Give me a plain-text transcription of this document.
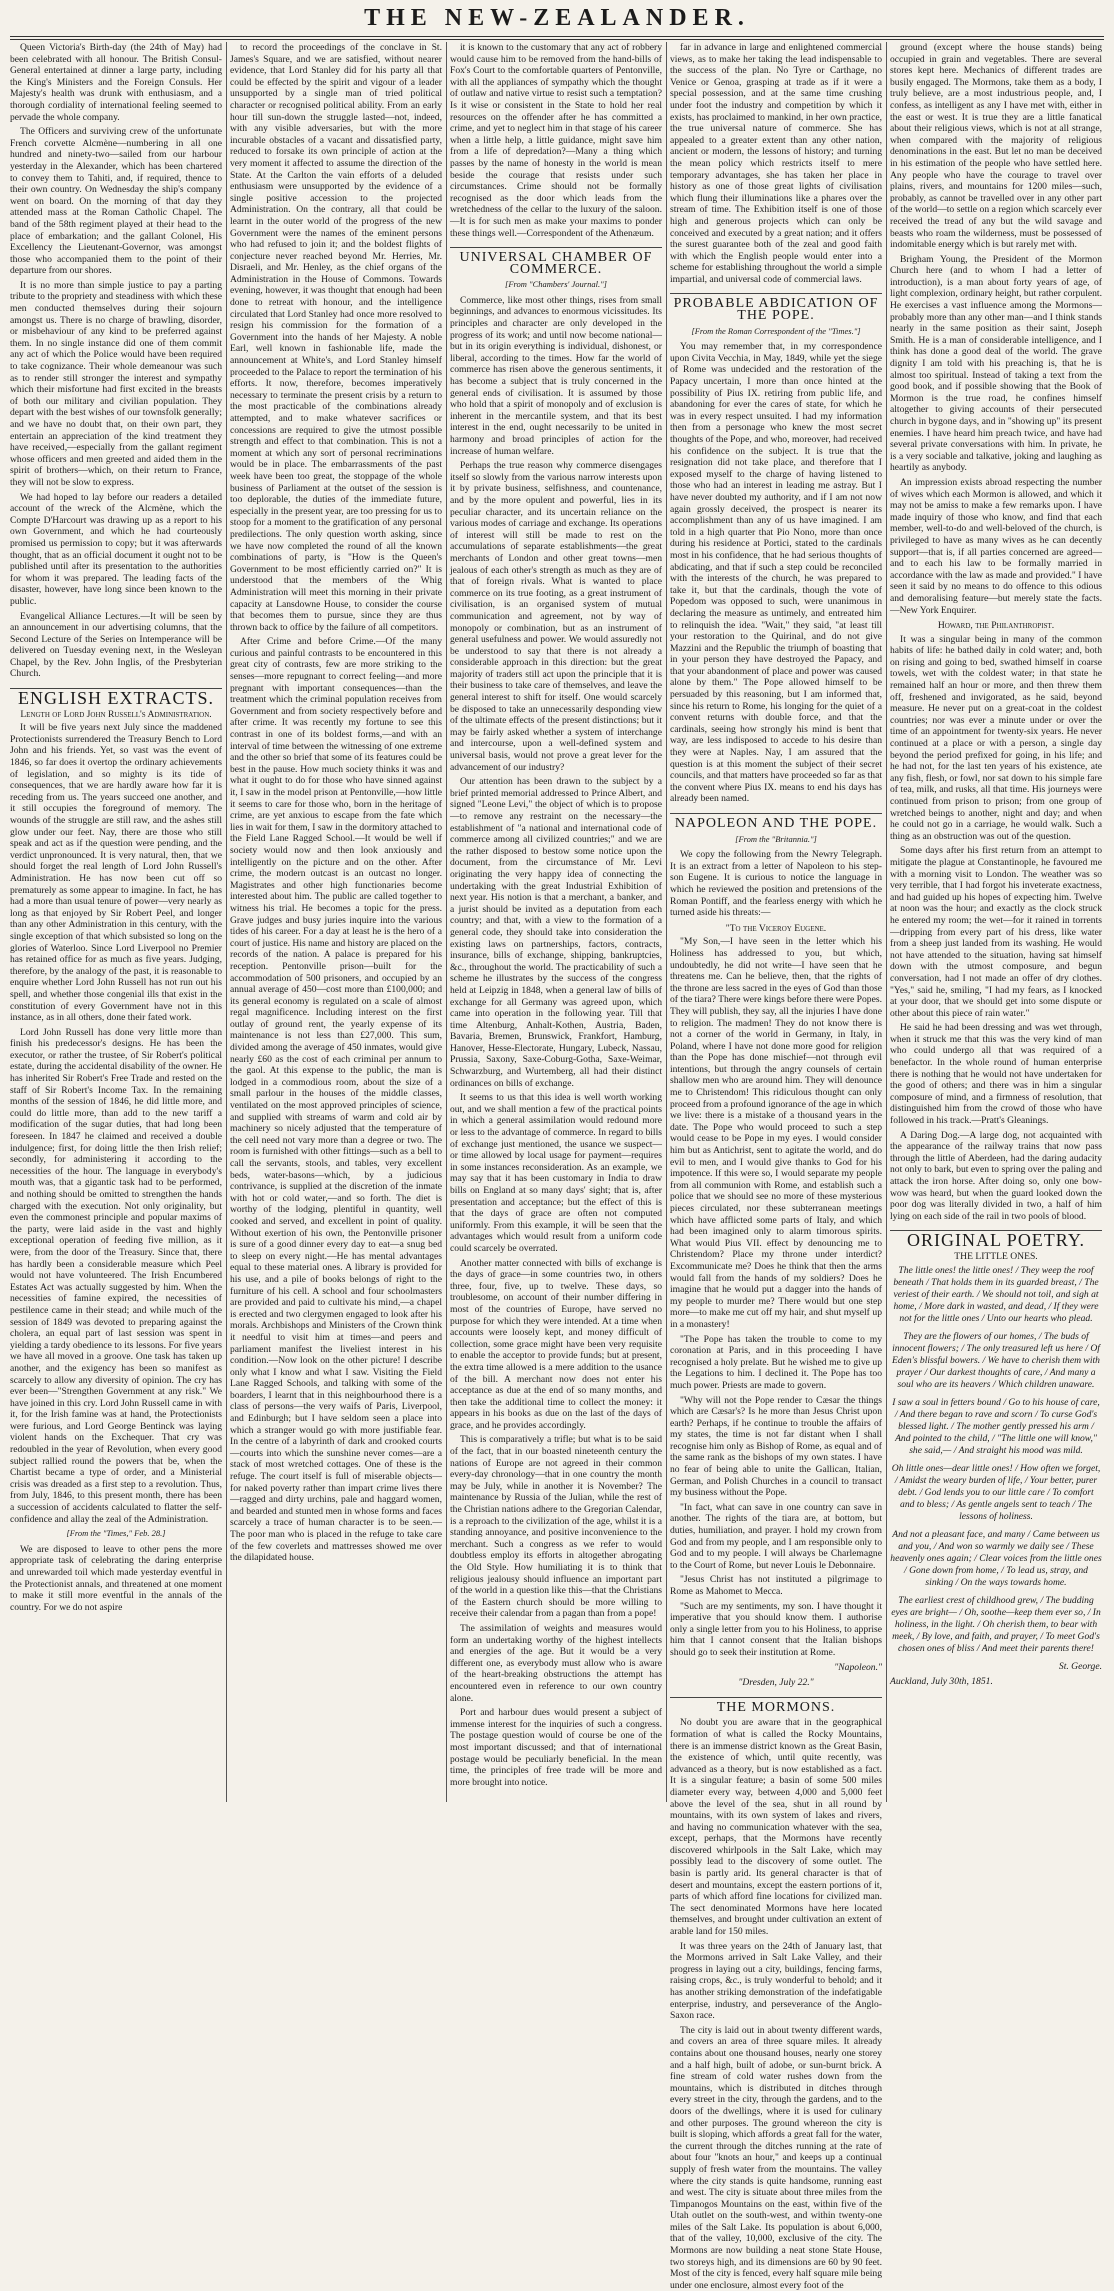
THE NEW-ZEALANDER.

Queen Victoria's Birth-day (the 24th of May) had been celebrated with all honour. The British Consul-General entertained at dinner a large party, including the King's Ministers and the Foreign Consuls. Her Majesty's health was drunk with enthusiasm, and a thorough cordiality of international feeling seemed to pervade the whole company.

The Officers and surviving crew of the unfortunate French corvette Alcmène—numbering in all one hundred and ninety-two—sailed from our harbour yesterday in the Alexander, which has been chartered to convey them to Tahiti, and, if required, thence to their own country. On Wednesday the ship's company went on board. On the morning of that day they attended mass at the Roman Catholic Chapel. The band of the 58th regiment played at their head to the place of embarkation; and the gallant Colonel, His Excellency the Lieutenant-Governor, was amongst those who accompanied them to the point of their departure from our shores.

It is no more than simple justice to pay a parting tribute to the propriety and steadiness with which these men conducted themselves during their sojourn amongst us. There is no charge of brawling, disorder, or misbehaviour of any kind to be preferred against them. In no single instance did one of them commit any act of which the Police would have been required to take cognizance. Their whole demeanour was such as to render still stronger the interest and sympathy which their misfortune had first excited in the breasts of both our military and civilian population. They depart with the best wishes of our townsfolk generally; and we have no doubt that, on their own part, they entertain an appreciation of the kind treatment they have received,—especially from the gallant regiment whose officers and men greeted and aided them in the spirit of brothers—which, on their return to France, they will not be slow to express.

We had hoped to lay before our readers a detailed account of the wreck of the Alcmène, which the Compte D'Harcourt was drawing up as a report to his own Government, and which he had courteously promised us permission to copy; but it was afterwards thought, that as an official document it ought not to be published until after its presentation to the authorities for whom it was prepared. The leading facts of the disaster, however, have long since been known to the public.

Evangelical Alliance Lectures.—It will be seen by an announcement in our advertising columns, that the Second Lecture of the Series on Intemperance will be delivered on Tuesday evening next, in the Wesleyan Chapel, by the Rev. John Inglis, of the Presbyterian Church.

ENGLISH EXTRACTS.
Length of Lord John Russell's Administration.

It will be five years next July since the maddened Protectionists surrendered the Treasury Bench to Lord John and his friends. Yet, so vast was the event of 1846, so far does it overtop the ordinary achievements of legislation, and so mighty is its tide of consequences, that we are hardly aware how far it is receding from us. The years succeed one another, and it still occupies the foreground of memory. The wounds of the struggle are still raw, and the ashes still glow under our feet. Nay, there are those who still speak and act as if the question were pending, and the verdict unpronounced. It is very natural, then, that we should forget the real length of Lord John Russell's Administration. He has now been cut off so prematurely as some appear to imagine. In fact, he has had a more than usual tenure of power—very nearly as long as that enjoyed by Sir Robert Peel, and longer than any other Administration in this century, with the single exception of that which subsisted so long on the glories of Waterloo. Since Lord Liverpool no Premier has retained office for as much as five years. Judging, therefore, by the analogy of the past, it is reasonable to enquire whether Lord John Russell has not run out his spell, and whether those congenial ills that exist in the constitution of every Government have not in this instance, as in all others, done their fated work.

Lord John Russell has done very little more than finish his predecessor's designs. He has been the executor, or rather the trustee, of Sir Robert's political estate, during the accidental disability of the owner. He has inherited Sir Robert's Free Trade and rested on the staff of Sir Robert's Income Tax. In the remaining months of the session of 1846, he did little more, and could do little more, than add to the new tariff a modification of the sugar duties, that had long been foreseen. In 1847 he claimed and received a double indulgence; first, for doing little the then Irish relief; secondly, for administering it according to the necessities of the hour. The language in everybody's mouth was, that a gigantic task had to be performed, and nothing should be omitted to strengthen the hands charged with the execution. Not only originality, but even the commonest principle and popular maxims of the party, were laid aside in the vast and highly exceptional operation of feeding five million, as it were, from the door of the Treasury. Since that, there has hardly been a considerable measure which Peel would not have volunteered. The Irish Encumbered Estates Act was actually suggested by him. When the necessities of famine expired, the necessities of pestilence came in their stead; and while much of the session of 1849 was devoted to preparing against the cholera, an equal part of last session was spent in yielding a tardy obedience to its lessons. For five years we have all moved in a groove. One task has taken up another, and the exigency has been so manifest as scarcely to allow any diversity of opinion. The cry has ever been—"Strengthen Government at any risk." We have joined in this cry. Lord John Russell came in with it, for the Irish famine was at hand, the Protectionists were furious, and Lord George Bentinck was laying violent hands on the Exchequer. That cry was redoubled in the year of Revolution, when every good subject rallied round the powers that be, when the Chartist became a type of order, and a Ministerial crisis was dreaded as a first step to a revolution. Thus, from July, 1846, to this present month, there has been a succession of accidents calculated to flatter the self-confidence and allay the zeal of the Administration.

[From the "Times," Feb. 28.]

We are disposed to leave to other pens the more appropriate task of celebrating the daring enterprise and unrewarded toil which made yesterday eventful in the Protectionist annals, and threatened at one moment to make it still more eventful in the annals of the country. For we do not aspire

to record the proceedings of the conclave in St. James's Square, and we are satisfied, without nearer evidence, that Lord Stanley did for his party all that could be effected by the spirit and vigour of a leader unsupported by a single man of tried political character or recognised political ability. From an early hour till sun-down the struggle lasted—not, indeed, with any visible adversaries, but with the more incurable obstacles of a vacant and dissatisfied party, reduced to forsake its own principle of action at the very moment it affected to assume the direction of the State. At the Carlton the vain efforts of a deluded enthusiasm were unsupported by the evidence of a single positive accession to the projected Administration. On the contrary, all that could be learnt in the outer world of the progress of the new Government were the names of the eminent persons who had refused to join it; and the boldest flights of conjecture never reached beyond Mr. Herries, Mr. Disraeli, and Mr. Henley, as the chief organs of the Administration in the House of Commons. Towards evening, however, it was thought that enough had been done to retreat with honour, and the intelligence circulated that Lord Stanley had once more resolved to resign his commission for the formation of a Government into the hands of her Majesty. A noble Earl, well known in fashionable life, made the announcement at White's, and Lord Stanley himself proceeded to the Palace to report the termination of his efforts. It now, therefore, becomes imperatively necessary to terminate the present crisis by a return to the most practicable of the combinations already attempted, and to make whatever sacrifices or concessions are required to give the utmost possible strength and effect to that combination. This is not a moment at which any sort of personal recriminations would be in place. The embarrassments of the past week have been too great, the stoppage of the whole business of Parliament at the outset of the session is too deplorable, the duties of the immediate future, especially in the present year, are too pressing for us to stoop for a moment to the gratification of any personal predilections. The only question worth asking, since we have now completed the round of all the known combinations of party, is "How is the Queen's Government to be most efficiently carried on?" It is understood that the members of the Whig Administration will meet this morning in their private capacity at Lansdowne House, to consider the course that becomes them to pursue, since they are thus thrown back to office by the failure of all competitors.

After Crime and before Crime.—Of the many curious and painful contrasts to be encountered in this great city of contrasts, few are more striking to the senses—more repugnant to correct feeling—and more pregnant with important consequences—than the treatment which the criminal population receives from Government and from society respectively before and after crime. It was recently my fortune to see this contrast in one of its boldest forms,—and with an interval of time between the witnessing of one extreme and the other so brief that some of its features could be best in the pause. How much society thinks it was and what it ought to do for those who have sinned against it, I saw in the model prison at Pentonville,—how little it seems to care for those who, born in the heritage of crime, are yet anxious to escape from the fate which lies in wait for them, I saw in the dormitory attached to the Field Lane Ragged School.—It would be well if society would now and then look anxiously and intelligently on the picture and on the other. After crime, the modern outcast is an outcast no longer. Magistrates and other high functionaries become interested about him. The public are called together to witness his trial. He becomes a topic for the press. Grave judges and busy juries inquire into the various tides of his career. For a day at least he is the hero of a court of justice. His name and history are placed on the records of the nation. A palace is prepared for his reception. Pentonville prison—built for the accommodation of 500 prisoners, and occupied by an annual average of 450—cost more than £100,000; and its general economy is regulated on a scale of almost regal magnificence. Including interest on the first outlay of ground rent, the yearly expense of its maintenance is not less than £27,000. This sum, divided among the average of 450 inmates, would give nearly £60 as the cost of each criminal per annum to the gaol. At this expense to the public, the man is lodged in a commodious room, about the size of a small parlour in the houses of the middle classes, ventilated on the most approved principles of science, and supplied with streams of warm and cold air by machinery so nicely adjusted that the temperature of the cell need not vary more than a degree or two. The room is furnished with other fittings—such as a bell to call the servants, stools, and tables, very excellent beds, water-basons—which, by a judicious contrivance, is supplied at the discretion of the inmate with hot or cold water,—and so forth. The diet is worthy of the lodging, plentiful in quantity, well cooked and served, and excellent in point of quality. Without exertion of his own, the Pentonville prisoner is sure of a good dinner every day to eat—a snug bed to sleep on every night.—He has mental advantages equal to these material ones. A library is provided for his use, and a pile of books belongs of right to the furniture of his cell. A school and four schoolmasters are provided and paid to cultivate his mind,—a chapel is erected and two clergymen engaged to look after his morals. Archbishops and Ministers of the Crown think it needful to visit him at times—and peers and parliament manifest the liveliest interest in his condition.—Now look on the other picture! I describe only what I know and what I saw. Visiting the Field Lane Ragged Schools, and talking with some of the boarders, I learnt that in this neighbourhood there is a class of persons—the very waifs of Paris, Liverpool, and Edinburgh; but I have seldom seen a place into which a stranger would go with more justifiable fear. In the centre of a labyrinth of dark and crooked courts—courts into which the sunshine never comes—are a stack of most wretched cottages. One of these is the refuge. The court itself is full of miserable objects—for naked poverty rather than impart crime lives there—ragged and dirty urchins, pale and haggard women, and bearded and stunted men in whose forms and faces scarcely a trace of human character is to be seen.—The poor man who is placed in the refuge to take care of the few coverlets and mattresses showed me over the dilapidated house.

it is known to the customary that any act of robbery would cause him to be removed from the hand-bills of Fox's Court to the comfortable quarters of Pentonville, with all the appliances of sympathy which the thought of outlaw and native virtue to resist such a temptation? Is it wise or consistent in the State to hold her real resources on the offender after he has committed a crime, and yet to neglect him in that stage of his career when a little help, a little guidance, might save him from a life of depredation?—Many a thing which passes by the name of honesty in the world is mean beside the courage that resists under such circumstances. Crime should not be formally recognised as the door which leads from the wretchedness of the cellar to the luxury of the saloon.—It is for such men as make your maxims to ponder these things well.—Correspondent of the Athenæum.

UNIVERSAL CHAMBER OF COMMERCE.
[From "Chambers' Journal."]

Commerce, like most other things, rises from small beginnings, and advances to enormous vicissitudes. Its principles and character are only developed in the progress of its work; and until now become national—but in its origin everything is individual, dishonest, or liberal, according to the times. How far the world of commerce has risen above the generous sentiments, it has become a subject that is truly concerned in the general ends of civilisation. It is assumed by those who hold that a spirit of monopoly and of exclusion is inherent in the mercantile system, and that its best interest in the end, ought necessarily to be united in harmony and broad principles of action for the increase of human welfare.

Perhaps the true reason why commerce disengages itself so slowly from the various narrow interests upon it by private business, selfishness, and countenance, and by the more opulent and powerful, lies in its peculiar character, and its uncertain reliance on the various modes of carriage and exchange. Its operations of interest will still be made to rest on the accumulations of separate establishments—the great merchants of London and other great towns—men jealous of each other's strength as much as they are of that of foreign rivals. What is wanted to place commerce on its true footing, as a great instrument of civilisation, is an organised system of mutual communication and agreement, not by way of monopoly or combination, but as an instrument of general usefulness and power. We would assuredly not be understood to say that there is not already a considerable approach in this direction: but the great majority of traders still act upon the principle that it is their business to take care of themselves, and leave the general interest to shift for itself. One would scarcely be disposed to take an unnecessarily desponding view of the ultimate effects of the present distinctions; but it may be fairly asked whether a system of interchange and intercourse, upon a well-defined system and universal basis, would not prove a great lever for the advancement of our industry?

Our attention has been drawn to the subject by a brief printed memorial addressed to Prince Albert, and signed "Leone Levi," the object of which is to propose—to remove any restraint on the necessary—the establishment of "a national and international code of commerce among all civilized countries;" and we are the rather disposed to bestow some notice upon the document, from the circumstance of Mr. Levi originating the very happy idea of connecting the undertaking with the great Industrial Exhibition of next year. His notion is that a merchant, a banker, and a jurist should be invited as a deputation from each country; and that, with a view to the formation of a general code, they should take into consideration the existing laws on partnerships, factors, contracts, insurance, bills of exchange, shipping, bankruptcies, &c., throughout the world. The practicability of such a scheme he illustrates by the success of the congress held at Leipzig in 1848, when a general law of bills of exchange for all Germany was agreed upon, which came into operation in the following year. Till that time Altenburg, Anhalt-Kothen, Austria, Baden, Bavaria, Bremen, Brunswick, Frankfort, Hamburg, Hanover, Hesse-Electorate, Hungary, Lubeck, Nassau, Prussia, Saxony, Saxe-Coburg-Gotha, Saxe-Weimar, Schwarzburg, and Wurtemberg, all had their distinct ordinances on bills of exchange.

It seems to us that this idea is well worth working out, and we shall mention a few of the practical points in which a general assimilation would redound more or less to the advantage of commerce. In regard to bills of exchange just mentioned, the usance we suspect—or time allowed by local usage for payment—requires in some instances reconsideration. As an example, we may say that it has been customary in India to draw bills on England at so many days' sight; that is, after presentation and acceptance; but the effect of this is that the days of grace are often not computed uniformly. From this example, it will be seen that the advantages which would result from a uniform code could scarcely be overrated.

Another matter connected with bills of exchange is the days of grace—in some countries two, in others three, four, five, up to twelve. These days, so troublesome, on account of their number differing in most of the countries of Europe, have served no purpose for which they were intended. At a time when accounts were loosely kept, and money difficult of collection, some grace might have been very requisite to enable the acceptor to provide funds; but at present, the extra time allowed is a mere addition to the usance of the bill. A merchant now does not enter his acceptance as due at the end of so many months, and then take the additional time to collect the money: it appears in his books as due on the last of the days of grace, and he provides accordingly.

This is comparatively a trifle; but what is to be said of the fact, that in our boasted nineteenth century the nations of Europe are not agreed in their common every-day chronology—that in one country the month may be July, while in another it is November? The maintenance by Russia of the Julian, while the rest of the Christian nations adhere to the Gregorian Calendar, is a reproach to the civilization of the age, whilst it is a standing annoyance, and positive inconvenience to the merchant. Such a congress as we refer to would doubtless employ its efforts in altogether abrogating the Old Style. How humiliating it is to think that religious jealousy should influence an important part of the world in a question like this—that the Christians of the Eastern church should be more willing to receive their calendar from a pagan than from a pope!

The assimilation of weights and measures would form an undertaking worthy of the highest intellects and energies of the age. But it would be a very different one, as everybody must allow who is aware of the heart-breaking obstructions the attempt has encountered even in reference to our own country alone.

Port and harbour dues would present a subject of immense interest for the inquiries of such a congress. The postage question would of course be one of the most important discussed; and that of international postage would be peculiarly beneficial. In the mean time, the principles of free trade will be more and more brought into notice.

far in advance in large and enlightened commercial views, as to make her taking the lead indispensable to the success of the plan. No Tyre or Carthage, no Venice or Genoa, grasping at trade as if it were a special possession, and at the same time crushing under foot the industry and competition by which it exists, has proclaimed to mankind, in her own practice, the true universal nature of commerce. She has appealed to a greater extent than any other nation, ancient or modern, the lessons of history; and turning the mean policy which restricts itself to mere temporary advantages, she has taken her place in history as one of those great lights of civilisation which flung their illuminations like a phares over the stream of time. The Exhibition itself is one of those high and generous projects which can only be conceived and executed by a great nation; and it offers the surest guarantee both of the zeal and good faith with which the English people would enter into a scheme for establishing throughout the world a simple impartial, and universal code of commercial laws.

PROBABLE ABDICATION OF THE POPE.
[From the Roman Correspondent of the "Times."]

You may remember that, in my correspondence upon Civita Vecchia, in May, 1849, while yet the siege of Rome was undecided and the restoration of the Papacy uncertain, I more than once hinted at the possibility of Pius IX. retiring from public life, and abandoning for ever the cares of state, for which he was in every respect unsuited. I had my information then from a personage who knew the most secret thoughts of the Pope, and who, moreover, had received his confidence on the subject. It is true that the resignation did not take place, and therefore that I exposed myself to the charge of having listened to those who had an interest in leading me astray. But I have never doubted my authority, and if I am not now again grossly deceived, the prospect is nearer its accomplishment than any of us have imagined. I am told in a high quarter that Pio Nono, more than once during his residence at Portici, stated to the cardinals most in his confidence, that he had serious thoughts of abdicating, and that if such a step could be reconciled with the interests of the church, he was prepared to take it, but that the cardinals, though the vote of Popedom was opposed to such, were unanimous in declaring the measure as untimely, and entreated him to relinquish the idea. "Wait," they said, "at least till your restoration to the Quirinal, and do not give Mazzini and the Republic the triumph of boasting that in your person they have destroyed the Papacy, and that your abandonment of place and power was caused alone by them." The Pope allowed himself to be persuaded by this reasoning, but I am informed that, since his return to Rome, his longing for the quiet of a convent returns with double force, and that the cardinals, seeing how strongly his mind is bent that way, are less indisposed to accede to his desire than they were at Naples. Nay, I am assured that the question is at this moment the subject of their secret councils, and that matters have proceeded so far as that the convent where Pius IX. means to end his days has already been named.

NAPOLEON AND THE POPE.
[From the "Britannia."]

We copy the following from the Newry Telegraph. It is an extract from a letter of Napoleon to his step-son Eugene. It is curious to notice the language in which he reviewed the position and pretensions of the Roman Pontiff, and the fearless energy with which he turned aside his threats:—

"To the Viceroy Eugene.

"My Son,—I have seen in the letter which his Holiness has addressed to you, but which, undoubtedly, he did not write—I have seen that he threatens me. Can he believe, then, that the rights of the throne are less sacred in the eyes of God than those of the tiara? There were kings before there were Popes. They will publish, they say, all the injuries I have done to religion. The madmen! They do not know there is not a corner of the world in Germany, in Italy, in Poland, where I have not done more good for religion than the Pope has done mischief—not through evil intentions, but through the angry counsels of certain shallow men who are around him. They will denounce me to Christendom! This ridiculous thought can only proceed from a profound ignorance of the age in which we live: there is a mistake of a thousand years in the date. The Pope who would proceed to such a step would cease to be Pope in my eyes. I would consider him but as Antichrist, sent to agitate the world, and do evil to men, and I would give thanks to God for his impotence. If this were so, I would separate my people from all communion with Rome, and establish such a police that we should see no more of these mysterious pieces circulated, nor these subterranean meetings which have afflicted some parts of Italy, and which had been imagined only to alarm timorous spirits. What would Pius VII. effect by denouncing me to Christendom? Place my throne under interdict? Excommunicate me? Does he think that then the arms would fall from the hands of my soldiers? Does he imagine that he would put a dagger into the hands of my people to murder me? There would but one step more—to make me cut off my hair, and shut myself up in a monastery!

"The Pope has taken the trouble to come to my coronation at Paris, and in this proceeding I have recognised a holy prelate. But he wished me to give up the Legations to him. I declined it. The Pope has too much power. Priests are made to govern.

"Why will not the Pope render to Cæsar the things which are Cæsar's? Is he more than Jesus Christ upon earth? Perhaps, if he continue to trouble the affairs of my states, the time is not far distant when I shall recognise him only as Bishop of Rome, as equal and of the same rank as the bishops of my own states. I have no fear of being able to unite the Gallican, Italian, German, and Polish Churches in a council to transact my business without the Pope.

"In fact, what can save in one country can save in another. The rights of the tiara are, at bottom, but duties, humiliation, and prayer. I hold my crown from God and from my people, and I am responsible only to God and to my people. I will always be Charlemagne to the Court of Rome, but never Louis le Debonnaire.

"Jesus Christ has not instituted a pilgrimage to Rome as Mahomet to Mecca.

"Such are my sentiments, my son. I have thought it imperative that you should know them. I authorise only a single letter from you to his Holiness, to apprise him that I cannot consent that the Italian bishops should go to seek their institution at Rome.

"Napoleon."
"Dresden, July 22."
THE MORMONS.

No doubt you are aware that in the geographical formation of what is called the Rocky Mountains, there is an immense district known as the Great Basin, the existence of which, until quite recently, was advanced as a theory, but is now established as a fact. It is a singular feature; a basin of some 500 miles diameter every way, between 4,000 and 5,000 feet above the level of the sea, shut in all round by mountains, with its own system of lakes and rivers, and having no communication whatever with the sea, except, perhaps, that the Mormons have recently discovered whirlpools in the Salt Lake, which may possibly lead to the discovery of some outlet. The basin is partly arid. Its general character is that of desert and mountains, except the eastern portions of it, parts of which afford fine locations for civilized man. The sect denominated Mormons have here located themselves, and brought under cultivation an extent of arable land for 150 miles.

It was three years on the 24th of January last, that the Mormons arrived in Salt Lake Valley, and their progress in laying out a city, buildings, fencing farms, raising crops, &c., is truly wonderful to behold; and it has another striking demonstration of the indefatigable enterprise, industry, and perseverance of the Anglo-Saxon race.

The city is laid out in about twenty different wards, and covers an area of three square miles. It already contains about one thousand houses, nearly one storey and a half high, built of adobe, or sun-burnt brick. A fine stream of cold water rushes down from the mountains, which is distributed in ditches through every street in the city, through the gardens, and to the doors of the dwellings, where it is used for culinary and other purposes. The ground whereon the city is built is sloping, which affords a great fall for the water, the current through the ditches running at the rate of about four "knots an hour," and keeps up a continual supply of fresh water from the mountains. The valley where the city stands is quite handsome, running east and west. The city is situate about three miles from the Timpanogos Mountains on the east, within five of the Utah outlet on the south-west, and within twenty-one miles of the Salt Lake. Its population is about 6,000, that of the valley, 10,000, exclusive of the city. The Mormons are now building a neat stone State House, two storeys high, and its dimensions are 60 by 90 feet. Most of the city is fenced, every half square mile being under one enclosure, almost every foot of the

ground (except where the house stands) being occupied in grain and vegetables. There are several stores kept here. Mechanics of different trades are busily engaged. The Mormons, take them as a body, I truly believe, are a most industrious people, and, I confess, as intelligent as any I have met with, either in the east or west. It is true they are a little fanatical about their religious views, which is not at all strange, when compared with the majority of religious denominations in the east. But let no man be deceived in his estimation of the people who have settled here. Any people who have the courage to travel over plains, rivers, and mountains for 1200 miles—such, probably, as cannot be travelled over in any other part of the world—to settle on a region which scarcely ever received the tread of any but the wild savage and beasts who roam the wilderness, must be possessed of indomitable energy which is but rarely met with.

Brigham Young, the President of the Mormon Church here (and to whom I had a letter of introduction), is a man about forty years of age, of light complexion, ordinary height, but rather corpulent. He exercises a vast influence among the Mormons—probably more than any other man—and I think stands nearly in the same position as their saint, Joseph Smith. He is a man of considerable intelligence, and I think has done a good deal of the world. The grave dignity I am told with his preaching is, that he is almost too spiritual. Instead of taking a text from the good book, and if possible showing that the Book of Mormon is the true road, he confines himself altogether to giving accounts of their persecuted church in bygone days, and in "showing up" its present enemies. I have heard him preach twice, and have had several private conversations with him. In private, he is a very sociable and talkative, joking and laughing as heartily as anybody.

An impression exists abroad respecting the number of wives which each Mormon is allowed, and which it may not be amiss to make a few remarks upon. I have made inquiry of those who know, and find that each member, well-to-do and well-beloved of the church, is privileged to have as many wives as he can decently support—that is, if all parties concerned are agreed—and to each his law to be formally married in accordance with the law as made and provided." I have seen it said by no means to do offence to this odious and demoralising feature—but merely state the facts.—New York Enquirer.

Howard, the Philanthropist.

It was a singular being in many of the common habits of life: he bathed daily in cold water; and, both on rising and going to bed, swathed himself in coarse towels, wet with the coldest water; in that state he remained half an hour or more, and then threw them off, freshened and invigorated, as he said, beyond measure. He never put on a great-coat in the coldest countries; nor was ever a minute under or over the time of an appointment for twenty-six years. He never continued at a place or with a person, a single day beyond the period prefixed for going, in his life; and he had not, for the last ten years of his existence, ate any fish, flesh, or fowl, nor sat down to his simple fare of tea, milk, and rusks, all that time. His journeys were continued from prison to prison; from one group of wretched beings to another, night and day; and when he could not go in a carriage, he would walk. Such a thing as an obstruction was out of the question.

Some days after his first return from an attempt to mitigate the plague at Constantinople, he favoured me with a morning visit to London. The weather was so very terrible, that I had forgot his inveterate exactness, and had guided up his hopes of expecting him. Twelve at noon was the hour; and exactly as the clock struck he entered my room; the wet—for it rained in torrents—dripping from every part of his dress, like water from a sheep just landed from its washing. He would not have attended to the situation, having sat himself down with the utmost composure, and begun conversation, had I not made an offer of dry clothes. "Yes," said he, smiling, "I had my fears, as I knocked at your door, that we should get into some dispute or other about this piece of rain water."

He said he had been dressing and was wet through, when it struck me that this was the very kind of man who could undergo all that was required of a benefactor. In the whole round of human enterprise there is nothing that he would not have undertaken for the good of others; and there was in him a singular composure of mind, and a firmness of resolution, that distinguished him from the crowd of those who have followed in his track.—Pratt's Gleanings.

A Daring Dog.—A large dog, not acquainted with the appearance of the railway trains that now pass through the little of Aberdeen, had the daring audacity not only to bark, but even to spring over the paling and attack the iron horse. After doing so, only one bow-wow was heard, but when the guard looked down the poor dog was literally divided in two, a half of him lying on each side of the rail in two pools of blood.

ORIGINAL POETRY.
THE LITTLE ONES.

The little ones! the little ones! / They weep the roof beneath / That holds them in its guarded breast, / The veriest of their earth. / We should not toil, and sigh at home, / More dark in wasted, and dead, / If they were not for the little ones / Unto our hearts who plead.

They are the flowers of our homes, / The buds of innocent flowers; / The only treasured left us here / Of Eden's blissful bowers. / We have to cherish them with prayer / Our darkest thoughts of care, / And many a soul who are its heavers / Which children unaware.

I saw a soul in fetters bound / Go to his house of care, / And there began to rave and scorn / To curse God's blessed light. / The mother gently pressed his arm / And pointed to the child, / "The little one will know," she said,— / And straight his mood was mild.

Oh little ones—dear little ones! / How often we forget, / Amidst the weary burden of life, / Your better, purer debt. / God lends you to our little care / To comfort and to bless; / As gentle angels sent to teach / The lessons of holiness.

And not a pleasant face, and many / Came between us and you, / And won so warmly we daily see / These heavenly ones again; / Clear voices from the little ones / Gone down from home, / To lead us, stray, and sinking / On the ways towards home.

The earliest crest of childhood grew, / The budding eyes are bright— / Oh, soothe—keep them ever so, / In holiness, in the light. / Oh cherish them, to bear with meek, / By love, and faith, and prayer, / To meet God's chosen ones of bliss / And meet their parents there!

St. George.
Auckland, July 30th, 1851.
